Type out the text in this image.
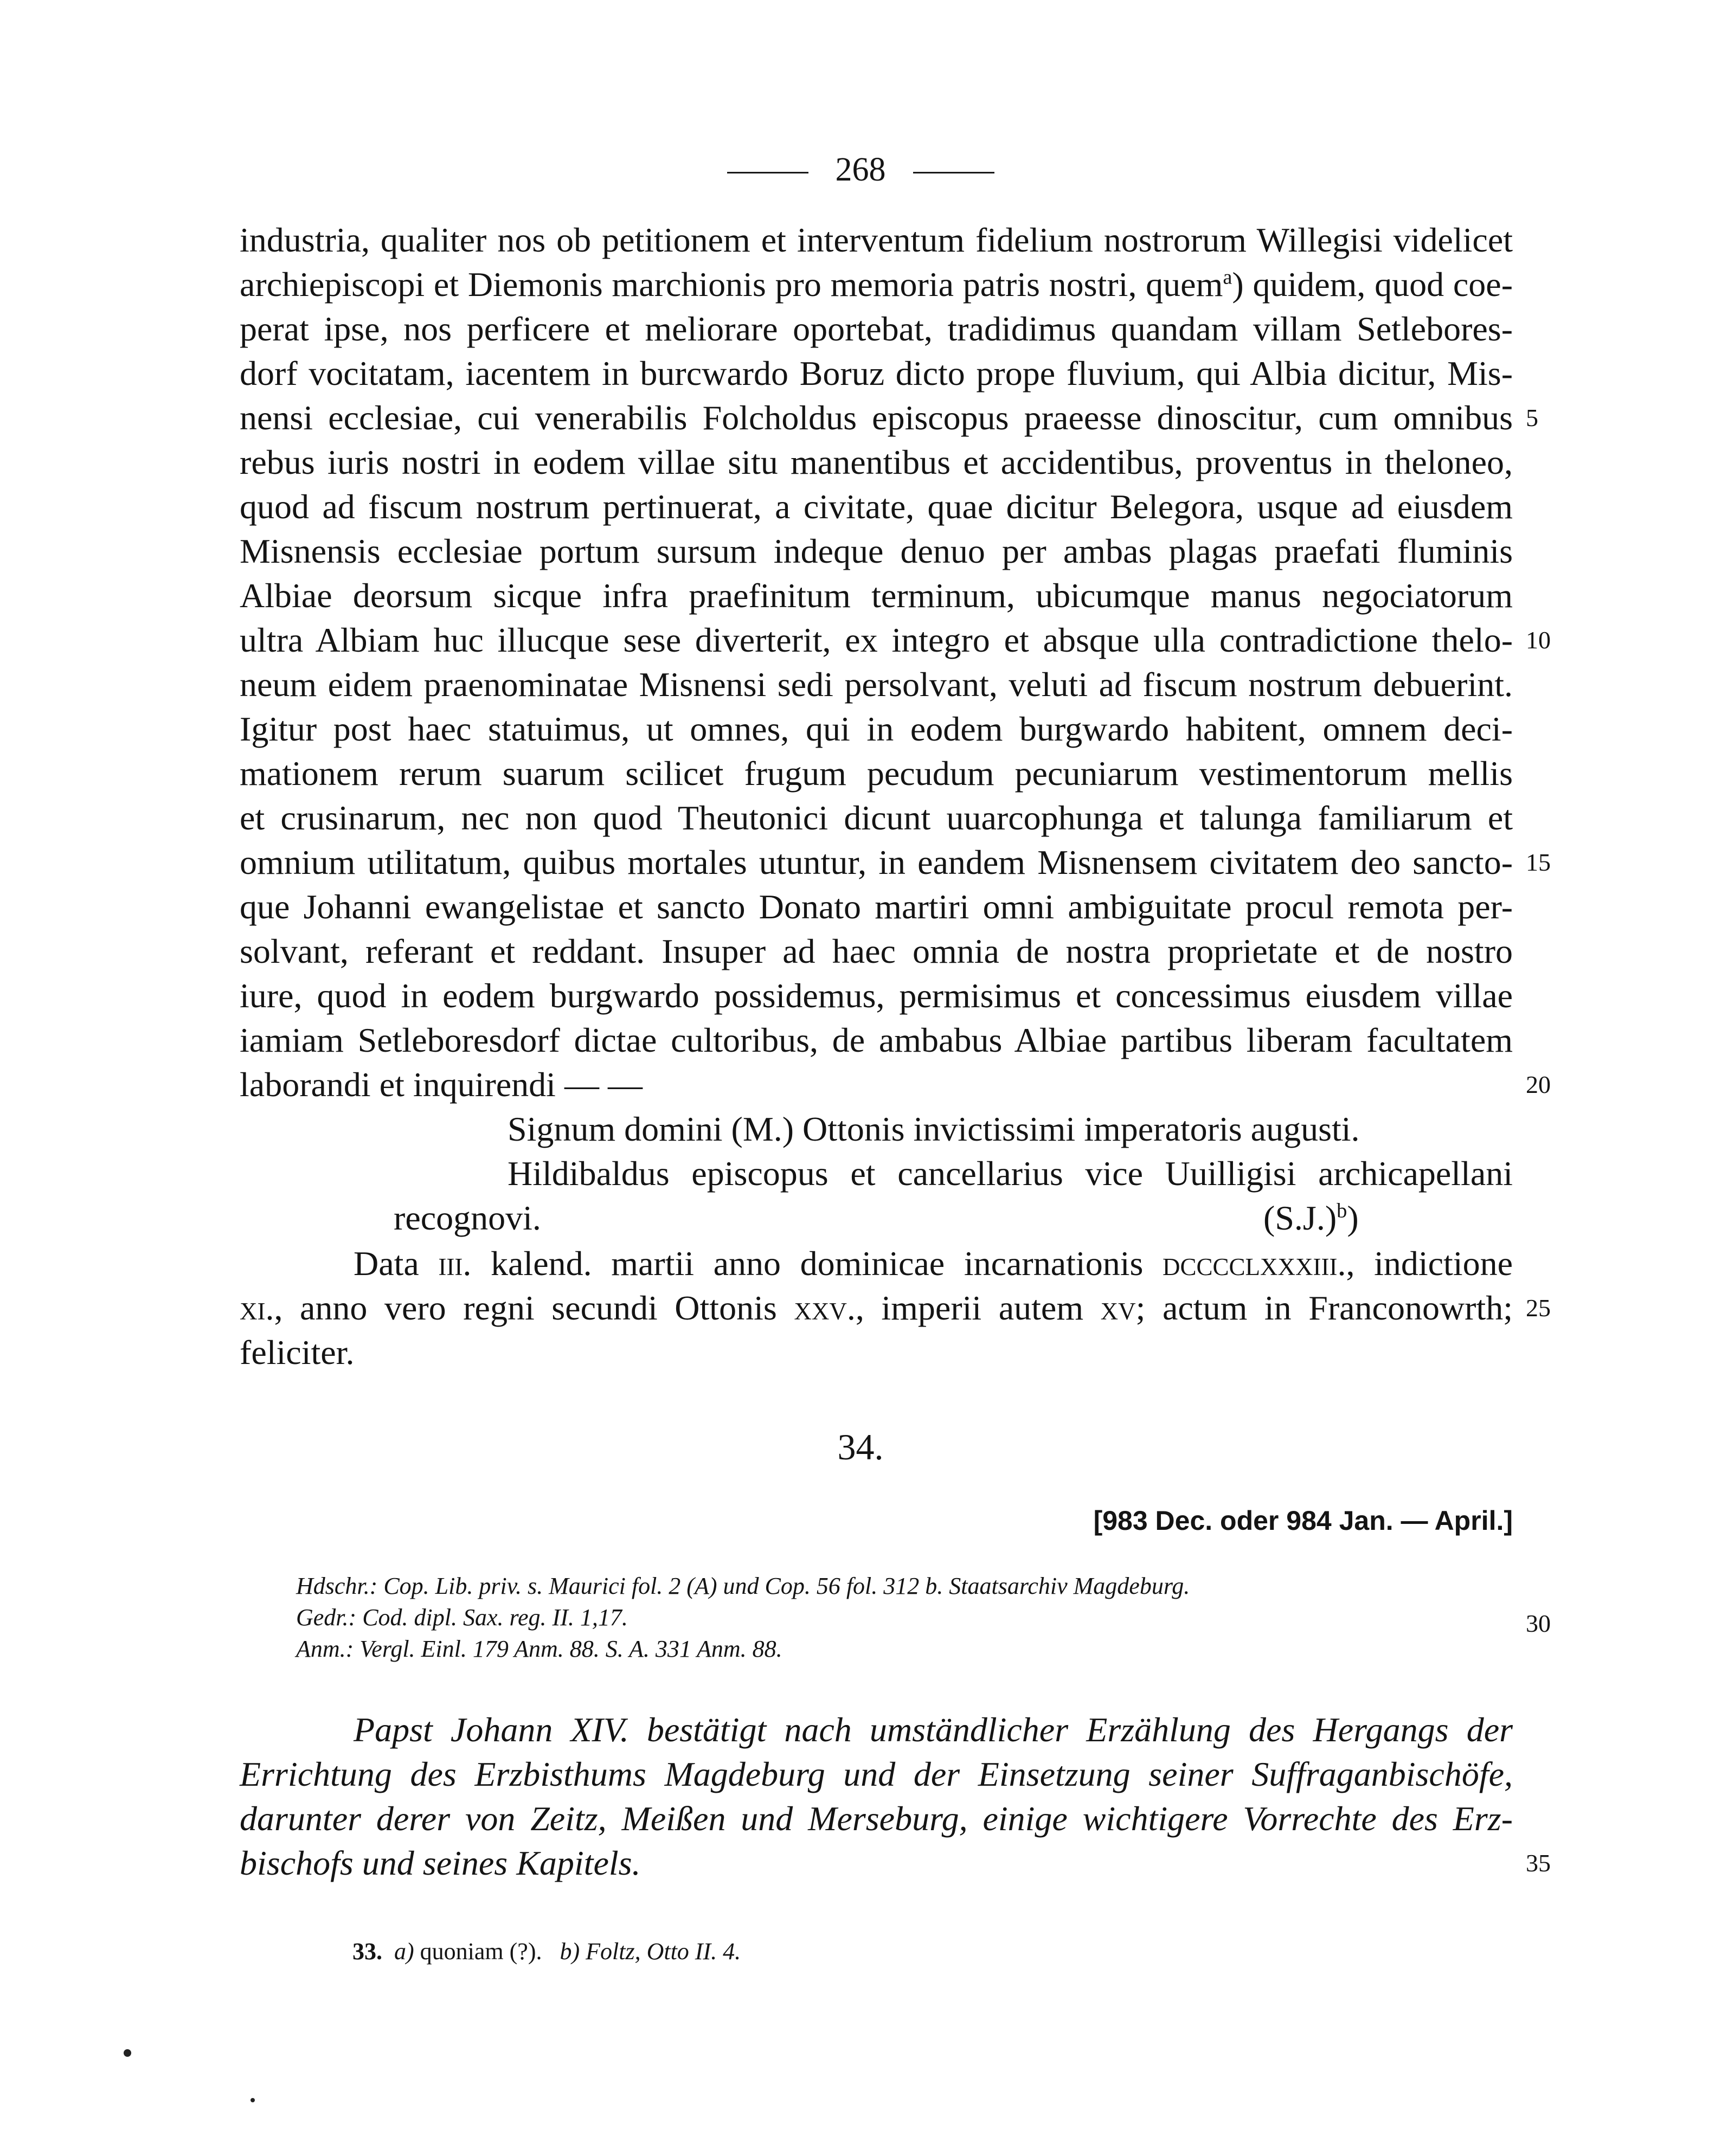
268
industria, qualiter nos ob petitionem et interventum fidelium nostrorum Willegisi videlicet
archiepiscopi et Diemonis marchionis pro memoria patris nostri, quem$^a$) quidem, quod coe-
perat ipse, nos perficere et meliorare oportebat, tradidimus quandam villam Setlebores-
dorf vocitatam, iacentem in burcwardo Boruz dicto prope fluvium, qui Albia dicitur, Mis-
nensi ecclesiae, cui venerabilis Folcholdus episcopus praeesse dinoscitur, cum omnibus
rebus iuris nostri in eodem villae situ manentibus et accidentibus, proventus in theloneo,
quod ad fiscum nostrum pertinuerat, a civitate, quae dicitur Belegora, usque ad eiusdem
Misnensis ecclesiae portum sursum indeque denuo per ambas plagas praefati fluminis
Albiae deorsum sicque infra praefinitum terminum, ubicumque manus negociatorum
ultra Albiam huc illucque sese diverterit, ex integro et absque ulla contradictione thelo-
neum eidem praenominatae Misnensi sedi persolvant, veluti ad fiscum nostrum debuerint.
Igitur post haec statuimus, ut omnes, qui in eodem burgwardo habitent, omnem deci-
mationem rerum suarum scilicet frugum pecudum pecuniarum vestimentorum mellis
et crusinarum, nec non quod Theutonici dicunt uuarcophunga et talunga familiarum et
omnium utilitatum, quibus mortales utuntur, in eandem Misnensem civitatem deo sancto-
que Johanni ewangelistae et sancto Donato martiri omni ambiguitate procul remota per-
solvant, referant et reddant. Insuper ad haec omnia de nostra proprietate et de nostro
iure, quod in eodem burgwardo possidemus, permisimus et concessimus eiusdem villae
iamiam Setleboresdorf dictae cultoribus, de ambabus Albiae partibus liberam facultatem
laborandi et inquirendi — —
5
10
15
20
25
30
35
Signum domini (M.) Ottonis invictissimi imperatoris augusti.
Hildibaldus episcopus et cancellarius vice Uuilligisi archicapellani
recognovi.	$(S.J.)^b$)
Data iii. kalend. martii anno dominicae incarnationis dcccclxxxiii., indictione
xi., anno vero regni secundi Ottonis xxv., imperii autem xv; actum in Franconowrth;
feliciter.
34.
[983 Dec. oder 984 Jan. — April.]
Hdschr.: Cop. Lib. priv. s. Maurici fol. 2 (A) und Cop. 56 fol. 312 b. Staatsarchiv Magdeburg.
Gedr.: Cod. dipl. Sax. reg. II. 1,17.
Anm.: Vergl. Einl. 179 Anm. 88. S. A. 331 Anm. 88.
Papst Johann XIV. bestätigt nach umständlicher Erzählung des Hergangs der
Errichtung des Erzbisthums Magdeburg und der Einsetzung seiner Suffraganbischöfe,
darunter derer von Zeitz, Meißen und Merseburg, einige wichtigere Vorrechte des Erz-
bischofs und seines Kapitels.
33. a) quoniam (?). b) Foltz, Otto II. 4.
